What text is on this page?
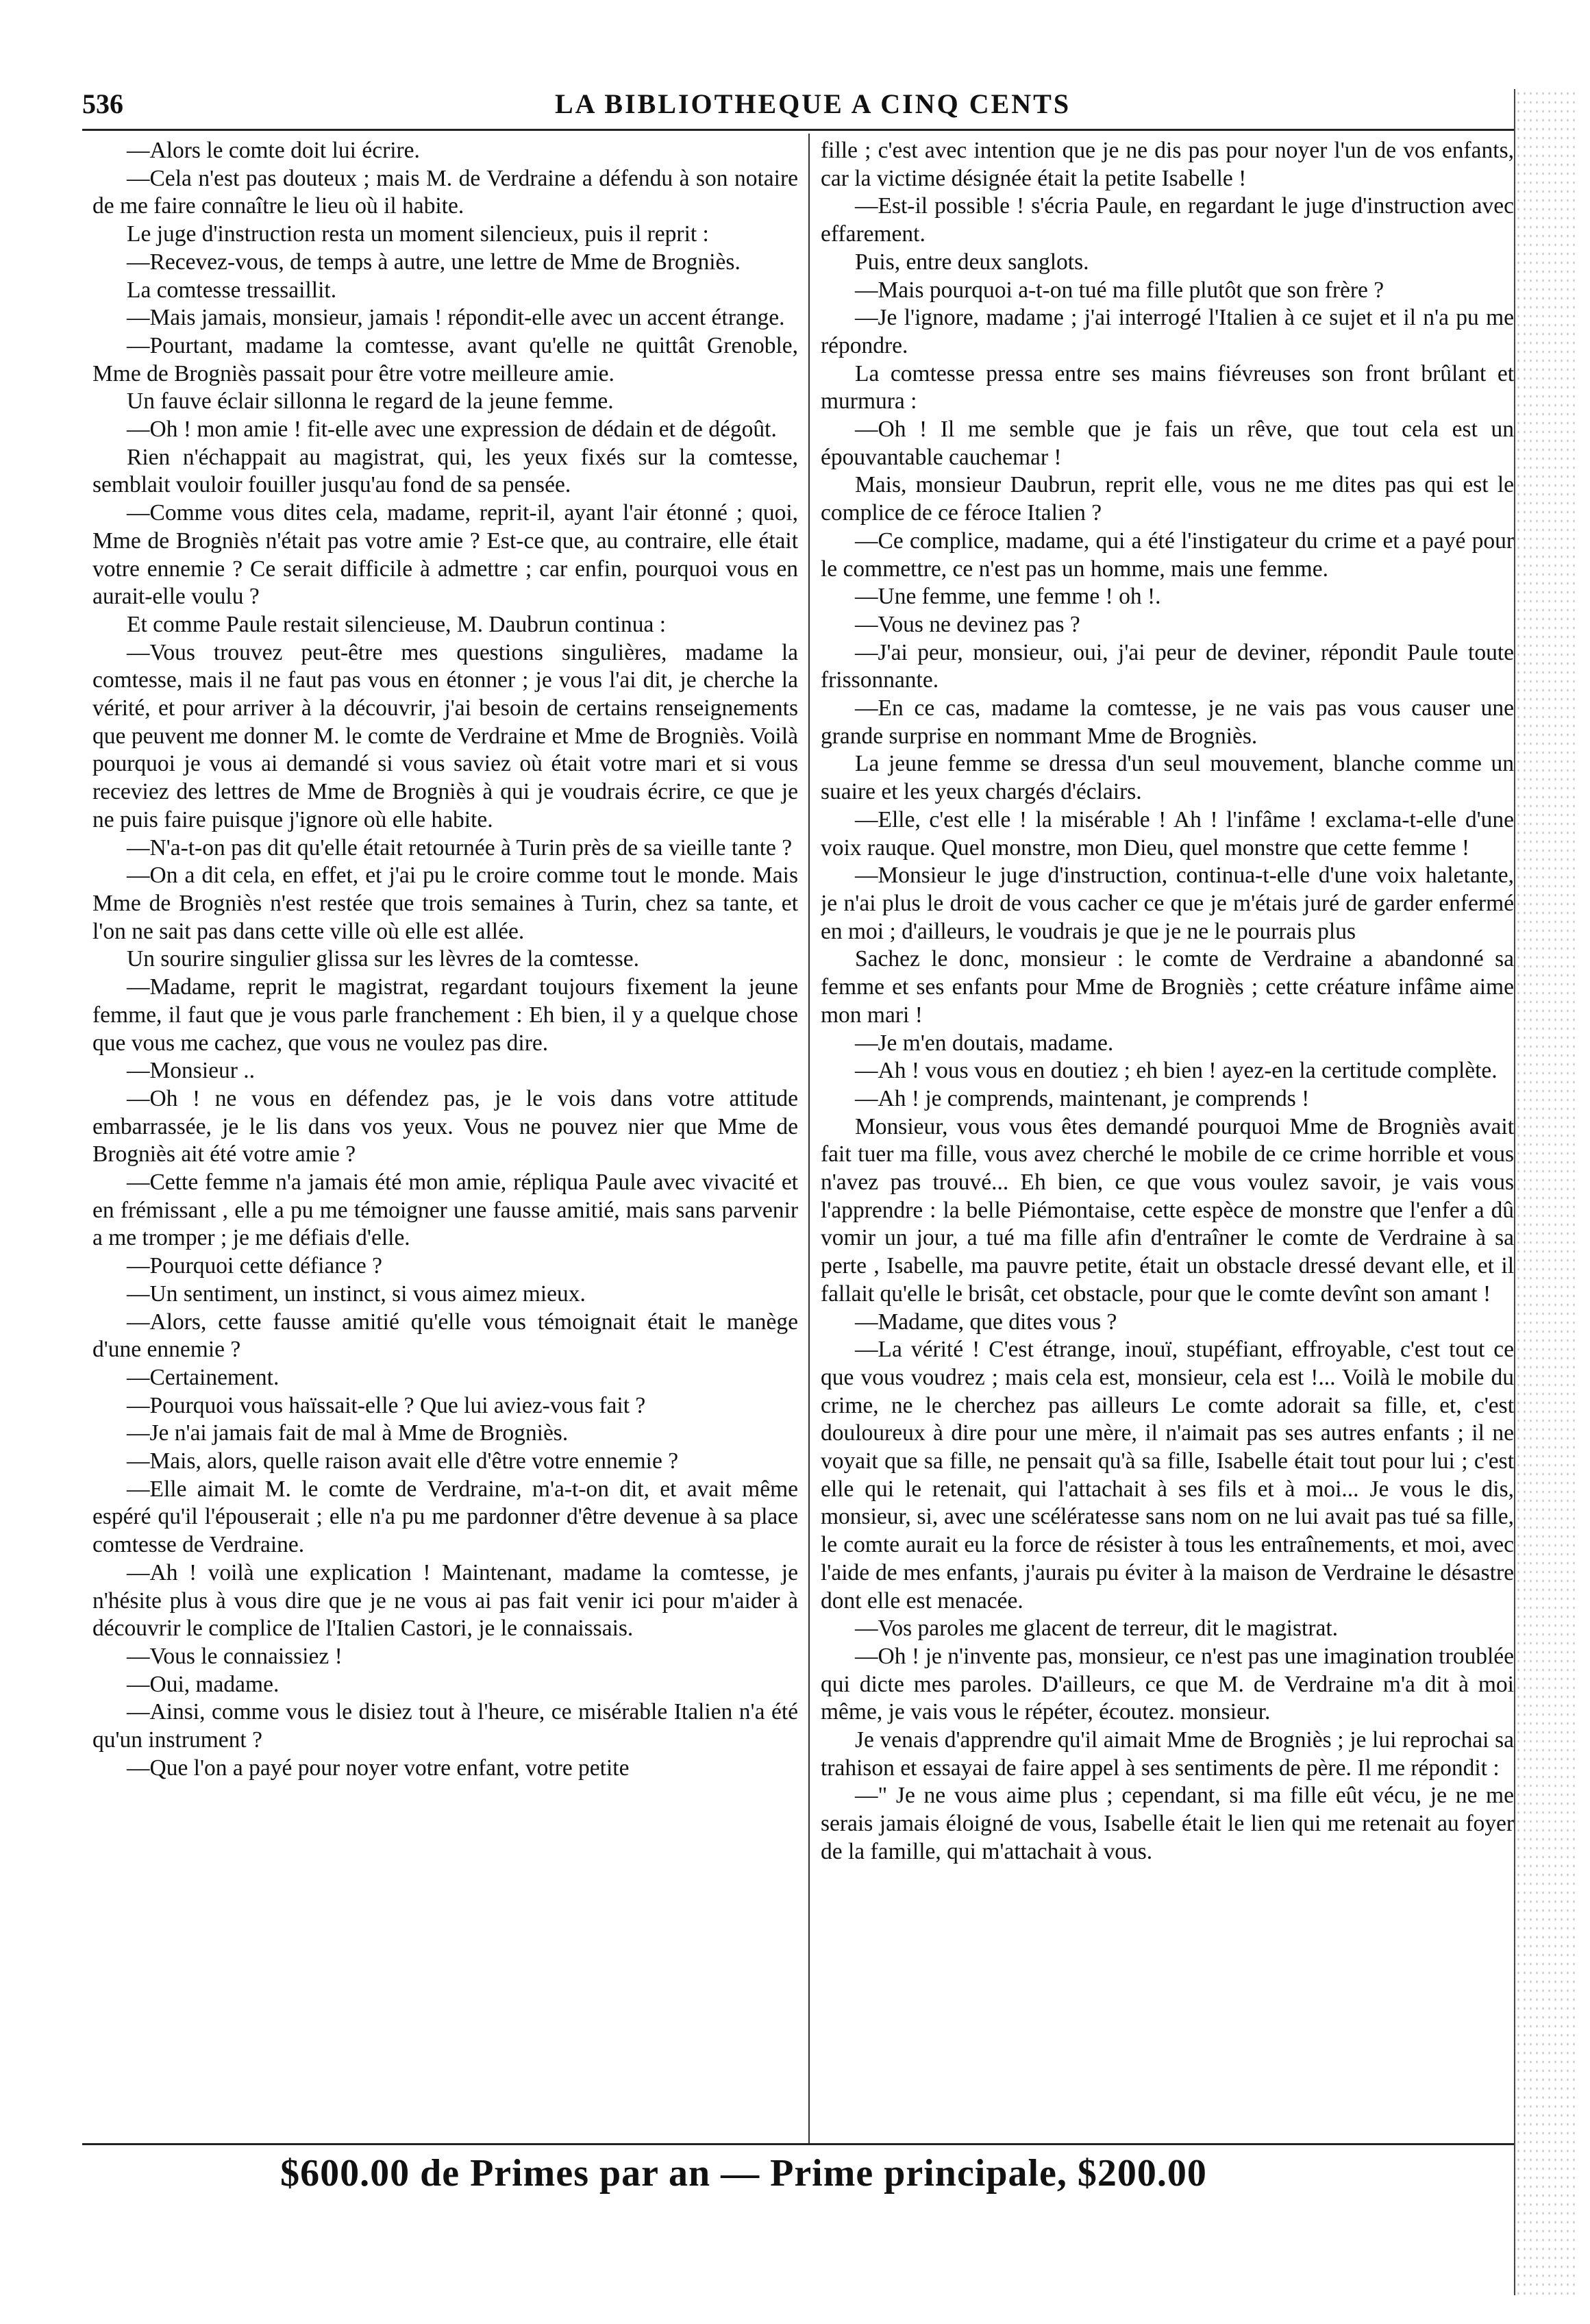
536	LA BIBLIOTHEQUE A CINQ CENTS

—Alors le comte doit lui écrire.

—Cela n'est pas douteux ; mais M. de Verdraine a défendu à son notaire de me faire connaître le lieu où il habite.

Le juge d'instruction resta un moment silencieux, puis il reprit :

—Recevez-vous, de temps à autre, une lettre de Mme de Brogniès.

La comtesse tressaillit.

—Mais jamais, monsieur, jamais ! répondit-elle avec un accent étrange.

—Pourtant, madame la comtesse, avant qu'elle ne quittât Grenoble, Mme de Brogniès passait pour être votre meilleure amie.

Un fauve éclair sillonna le regard de la jeune femme.

—Oh ! mon amie ! fit-elle avec une expression de dédain et de dégoût.

Rien n'échappait au magistrat, qui, les yeux fixés sur la comtesse, semblait vouloir fouiller jusqu'au fond de sa pensée.

—Comme vous dites cela, madame, reprit-il, ayant l'air étonné ; quoi, Mme de Brogniès n'était pas votre amie ? Est-ce que, au contraire, elle était votre ennemie ? Ce serait difficile à admettre ; car enfin, pourquoi vous en aurait-elle voulu ?

Et comme Paule restait silencieuse, M. Daubrun continua :

—Vous trouvez peut-être mes questions singulières, madame la comtesse, mais il ne faut pas vous en étonner ; je vous l'ai dit, je cherche la vérité, et pour arriver à la découvrir, j'ai besoin de certains renseignements que peuvent me donner M. le comte de Verdraine et Mme de Brogniès. Voilà pourquoi je vous ai demandé si vous saviez où était votre mari et si vous receviez des lettres de Mme de Brogniès à qui je voudrais écrire, ce que je ne puis faire puisque j'ignore où elle habite.

—N'a-t-on pas dit qu'elle était retournée à Turin près de sa vieille tante ?

—On a dit cela, en effet, et j'ai pu le croire comme tout le monde. Mais Mme de Brogniès n'est restée que trois semaines à Turin, chez sa tante, et l'on ne sait pas dans cette ville où elle est allée.

Un sourire singulier glissa sur les lèvres de la comtesse.

—Madame, reprit le magistrat, regardant toujours fixement la jeune femme, il faut que je vous parle franchement : Eh bien, il y a quelque chose que vous me cachez, que vous ne voulez pas dire.

—Monsieur ..

—Oh ! ne vous en défendez pas, je le vois dans votre attitude embarrassée, je le lis dans vos yeux. Vous ne pouvez nier que Mme de Brogniès ait été votre amie ?

—Cette femme n'a jamais été mon amie, répliqua Paule avec vivacité et en frémissant , elle a pu me témoigner une fausse amitié, mais sans parvenir a me tromper ; je me défiais d'elle.

—Pourquoi cette défiance ?

—Un sentiment, un instinct, si vous aimez mieux.

—Alors, cette fausse amitié qu'elle vous témoignait était le manège d'une ennemie ?

—Certainement.

—Pourquoi vous haïssait-elle ? Que lui aviez-vous fait ?

—Je n'ai jamais fait de mal à Mme de Brogniès.

—Mais, alors, quelle raison avait elle d'être votre ennemie ?

—Elle aimait M. le comte de Verdraine, m'a-t-on dit, et avait même espéré qu'il l'épouserait ; elle n'a pu me pardonner d'être devenue à sa place comtesse de Verdraine.

—Ah ! voilà une explication ! Maintenant, madame la comtesse, je n'hésite plus à vous dire que je ne vous ai pas fait venir ici pour m'aider à découvrir le complice de l'Italien Castori, je le connaissais.

—Vous le connaissiez !

—Oui, madame.

—Ainsi, comme vous le disiez tout à l'heure, ce misérable Italien n'a été qu'un instrument ?

—Que l'on a payé pour noyer votre enfant, votre petite

fille ; c'est avec intention que je ne dis pas pour noyer l'un de vos enfants, car la victime désignée était la petite Isabelle !

—Est-il possible ! s'écria Paule, en regardant le juge d'instruction avec effarement.

Puis, entre deux sanglots.

—Mais pourquoi a-t-on tué ma fille plutôt que son frère ?

—Je l'ignore, madame ; j'ai interrogé l'Italien à ce sujet et il n'a pu me répondre.

La comtesse pressa entre ses mains fiévreuses son front brûlant et murmura :

—Oh ! Il me semble que je fais un rêve, que tout cela est un épouvantable cauchemar !

Mais, monsieur Daubrun, reprit elle, vous ne me dites pas qui est le complice de ce féroce Italien ?

—Ce complice, madame, qui a été l'instigateur du crime et a payé pour le commettre, ce n'est pas un homme, mais une femme.

—Une femme, une femme ! oh !.

—Vous ne devinez pas ?

—J'ai peur, monsieur, oui, j'ai peur de deviner, répondit Paule toute frissonnante.

—En ce cas, madame la comtesse, je ne vais pas vous causer une grande surprise en nommant Mme de Brogniès.

La jeune femme se dressa d'un seul mouvement, blanche comme un suaire et les yeux chargés d'éclairs.

—Elle, c'est elle ! la misérable ! Ah ! l'infâme ! exclama-t-elle d'une voix rauque. Quel monstre, mon Dieu, quel monstre que cette femme !

—Monsieur le juge d'instruction, continua-t-elle d'une voix haletante, je n'ai plus le droit de vous cacher ce que je m'étais juré de garder enfermé en moi ; d'ailleurs, le voudrais je que je ne le pourrais plus

Sachez le donc, monsieur : le comte de Verdraine a abandonné sa femme et ses enfants pour Mme de Brogniès ; cette créature infâme aime mon mari !

—Je m'en doutais, madame.

—Ah ! vous vous en doutiez ; eh bien ! ayez-en la certitude complète.

—Ah ! je comprends, maintenant, je comprends !

Monsieur, vous vous êtes demandé pourquoi Mme de Brogniès avait fait tuer ma fille, vous avez cherché le mobile de ce crime horrible et vous n'avez pas trouvé... Eh bien, ce que vous voulez savoir, je vais vous l'apprendre : la belle Piémontaise, cette espèce de monstre que l'enfer a dû vomir un jour, a tué ma fille afin d'entraîner le comte de Verdraine à sa perte , Isabelle, ma pauvre petite, était un obstacle dressé devant elle, et il fallait qu'elle le brisât, cet obstacle, pour que le comte devînt son amant !

—Madame, que dites vous ?

—La vérité ! C'est étrange, inouï, stupéfiant, effroyable, c'est tout ce que vous voudrez ; mais cela est, monsieur, cela est !... Voilà le mobile du crime, ne le cherchez pas ailleurs Le comte adorait sa fille, et, c'est douloureux à dire pour une mère, il n'aimait pas ses autres enfants ; il ne voyait que sa fille, ne pensait qu'à sa fille, Isabelle était tout pour lui ; c'est elle qui le retenait, qui l'attachait à ses fils et à moi... Je vous le dis, monsieur, si, avec une scélératesse sans nom on ne lui avait pas tué sa fille, le comte aurait eu la force de résister à tous les entraînements, et moi, avec l'aide de mes enfants, j'aurais pu éviter à la maison de Verdraine le désastre dont elle est menacée.

—Vos paroles me glacent de terreur, dit le magistrat.

—Oh ! je n'invente pas, monsieur, ce n'est pas une imagination troublée qui dicte mes paroles. D'ailleurs, ce que M. de Verdraine m'a dit à moi même, je vais vous le répéter, écoutez. monsieur.

Je venais d'apprendre qu'il aimait Mme de Brogniès ; je lui reprochai sa trahison et essayai de faire appel à ses sentiments de père. Il me répondit :

—" Je ne vous aime plus ; cependant, si ma fille eût vécu, je ne me serais jamais éloigné de vous, Isabelle était le lien qui me retenait au foyer de la famille, qui m'attachait à vous.

$600.00 de Primes par an — Prime principale, $200.00
